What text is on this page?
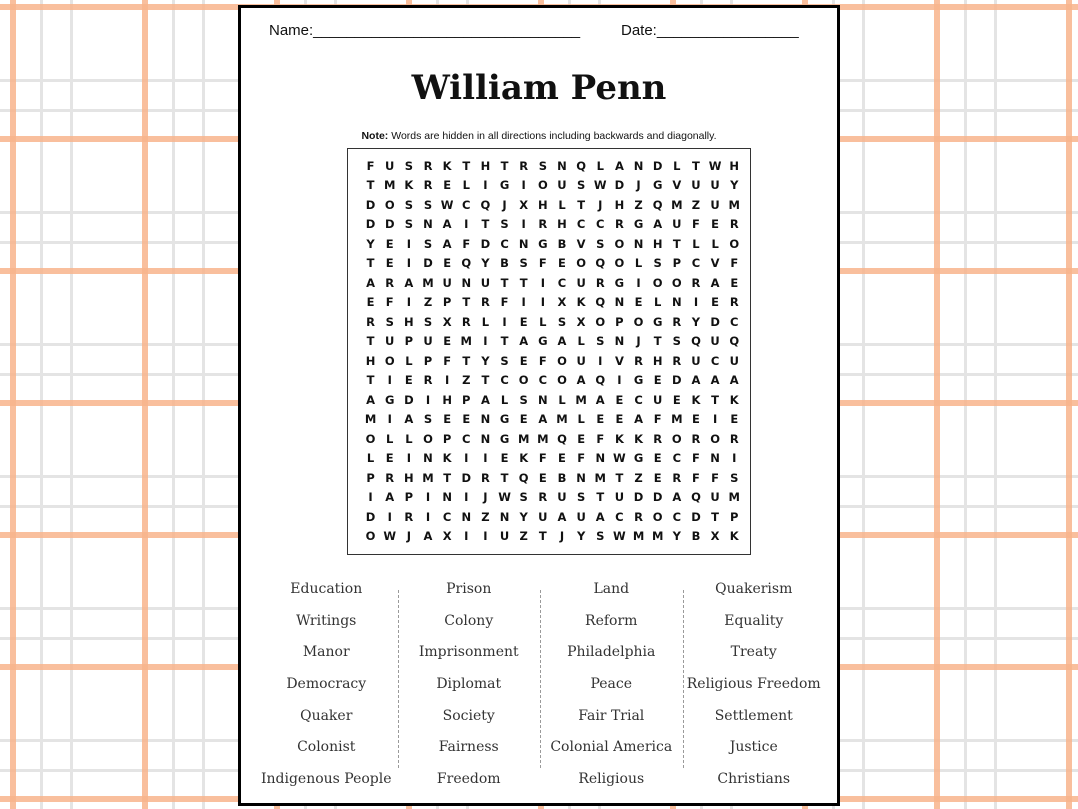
Name:________________________________	Date:_________________
William Penn
Note: Words are hidden in all directions including backwards and diagonally.
F U S R K T H T R S N Q L A N D L	T W H
T M K R E	L	I	G	I	O U S W D	J	G V U U Y
D O S S W C Q	J	X H L	T	J	H Z Q M Z U M
D D S N A	I	T S	I	R H C C R G A U F E R
Y E	I	S A F D C N G B V S O N H T	L	L O
T E	I	D E Q Y B S F E O Q O L S P C V F
A R A M U N U T T	I	C U R G	I	O O R A E
E F	I	Z P T R F	I	I	X K Q N E	L N	I	E R
R S H S X R L	I	E	L S X O P O G R Y D C
T U P U E M I	T A G A L S N	J	T S Q U Q
H O L P F T Y S E F O U	I	V R H R U C U
T	I	E R	I	Z T C O C O A Q	I	G E D A A A
A G D	I	H P A L S N L M A E C U E K T K
M I	A S E E N G E A M L	E E A F M E	I	E
O L	L O P C N G M M Q E F K K R O R О R
L	E	I	N K	I	I	E K F E F N W G E C F N	I
P R H M T D R T Q E B N M T Z E R F F S
I	A P	I	N	I	J W S R U S T U D D A Q U M
D	I	R	I	C N Z N Y U A U A C R O C D T P
O W J	A X	I	I	U Z T	J	Y S W M M Y B X K
Education
Writings
Manor
Democracy
Quaker
Colonist
Indigenous People
Prison
Colony
Imprisonment
Diplomat
Society
Fairness
Freedom
Land
Reform
Philadelphia
Peace
Fair Trial
Colonial America
Religious
Quakerism
Equality
Treaty
Religious Freedom
Settlement
Justice
Christians
